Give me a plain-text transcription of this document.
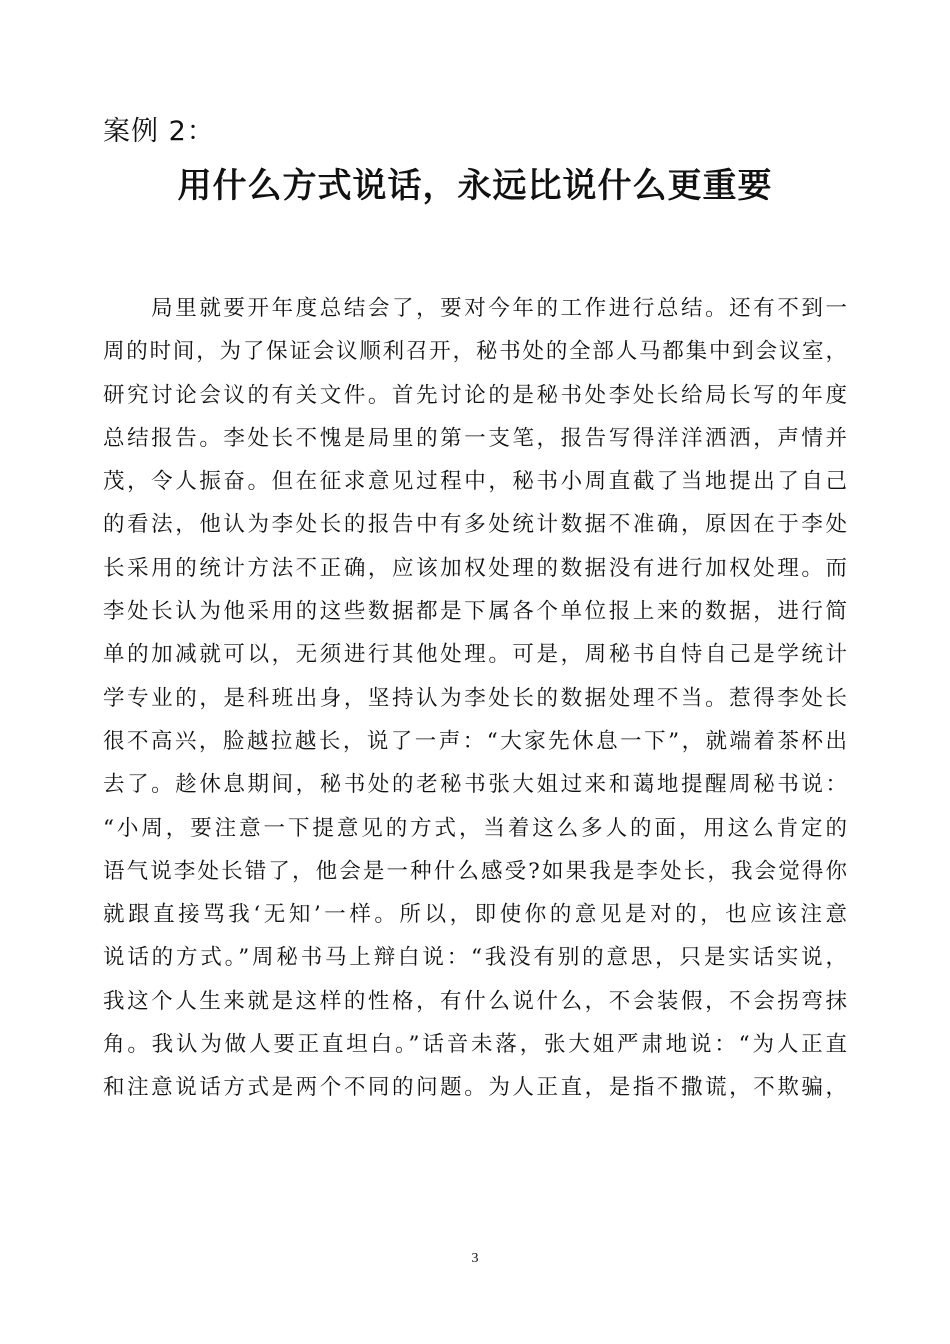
案例 2：
用什么方式说话，永远比说什么更重要
　　局里就要开年度总结会了，要对今年的工作进行总结。还有不到一
周的时间，为了保证会议顺利召开，秘书处的全部人马都集中到会议室，
研究讨论会议的有关文件。首先讨论的是秘书处李处长给局长写的年度
总结报告。李处长不愧是局里的第一支笔，报告写得洋洋洒洒，声情并
茂，令人振奋。但在征求意见过程中，秘书小周直截了当地提出了自己
的看法，他认为李处长的报告中有多处统计数据不准确，原因在于李处
长采用的统计方法不正确，应该加权处理的数据没有进行加权处理。而
李处长认为他采用的这些数据都是下属各个单位报上来的数据，进行简
单的加减就可以，无须进行其他处理。可是，周秘书自恃自己是学统计
学专业的，是科班出身，坚持认为李处长的数据处理不当。惹得李处长
很不高兴，脸越拉越长，说了一声：“大家先休息一下”，就端着茶杯出
去了。趁休息期间，秘书处的老秘书张大姐过来和蔼地提醒周秘书说：
“小周，要注意一下提意见的方式，当着这么多人的面，用这么肯定的
语气说李处长错了，他会是一种什么感受?如果我是李处长，我会觉得你
就跟直接骂我‘无知’一样。所以，即使你的意见是对的，也应该注意
说话的方式。”周秘书马上辩白说：“我没有别的意思，只是实话实说，
我这个人生来就是这样的性格，有什么说什么，不会装假，不会拐弯抹
角。我认为做人要正直坦白。”话音未落，张大姐严肃地说：“为人正直
和注意说话方式是两个不同的问题。为人正直，是指不撒谎，不欺骗，
3
